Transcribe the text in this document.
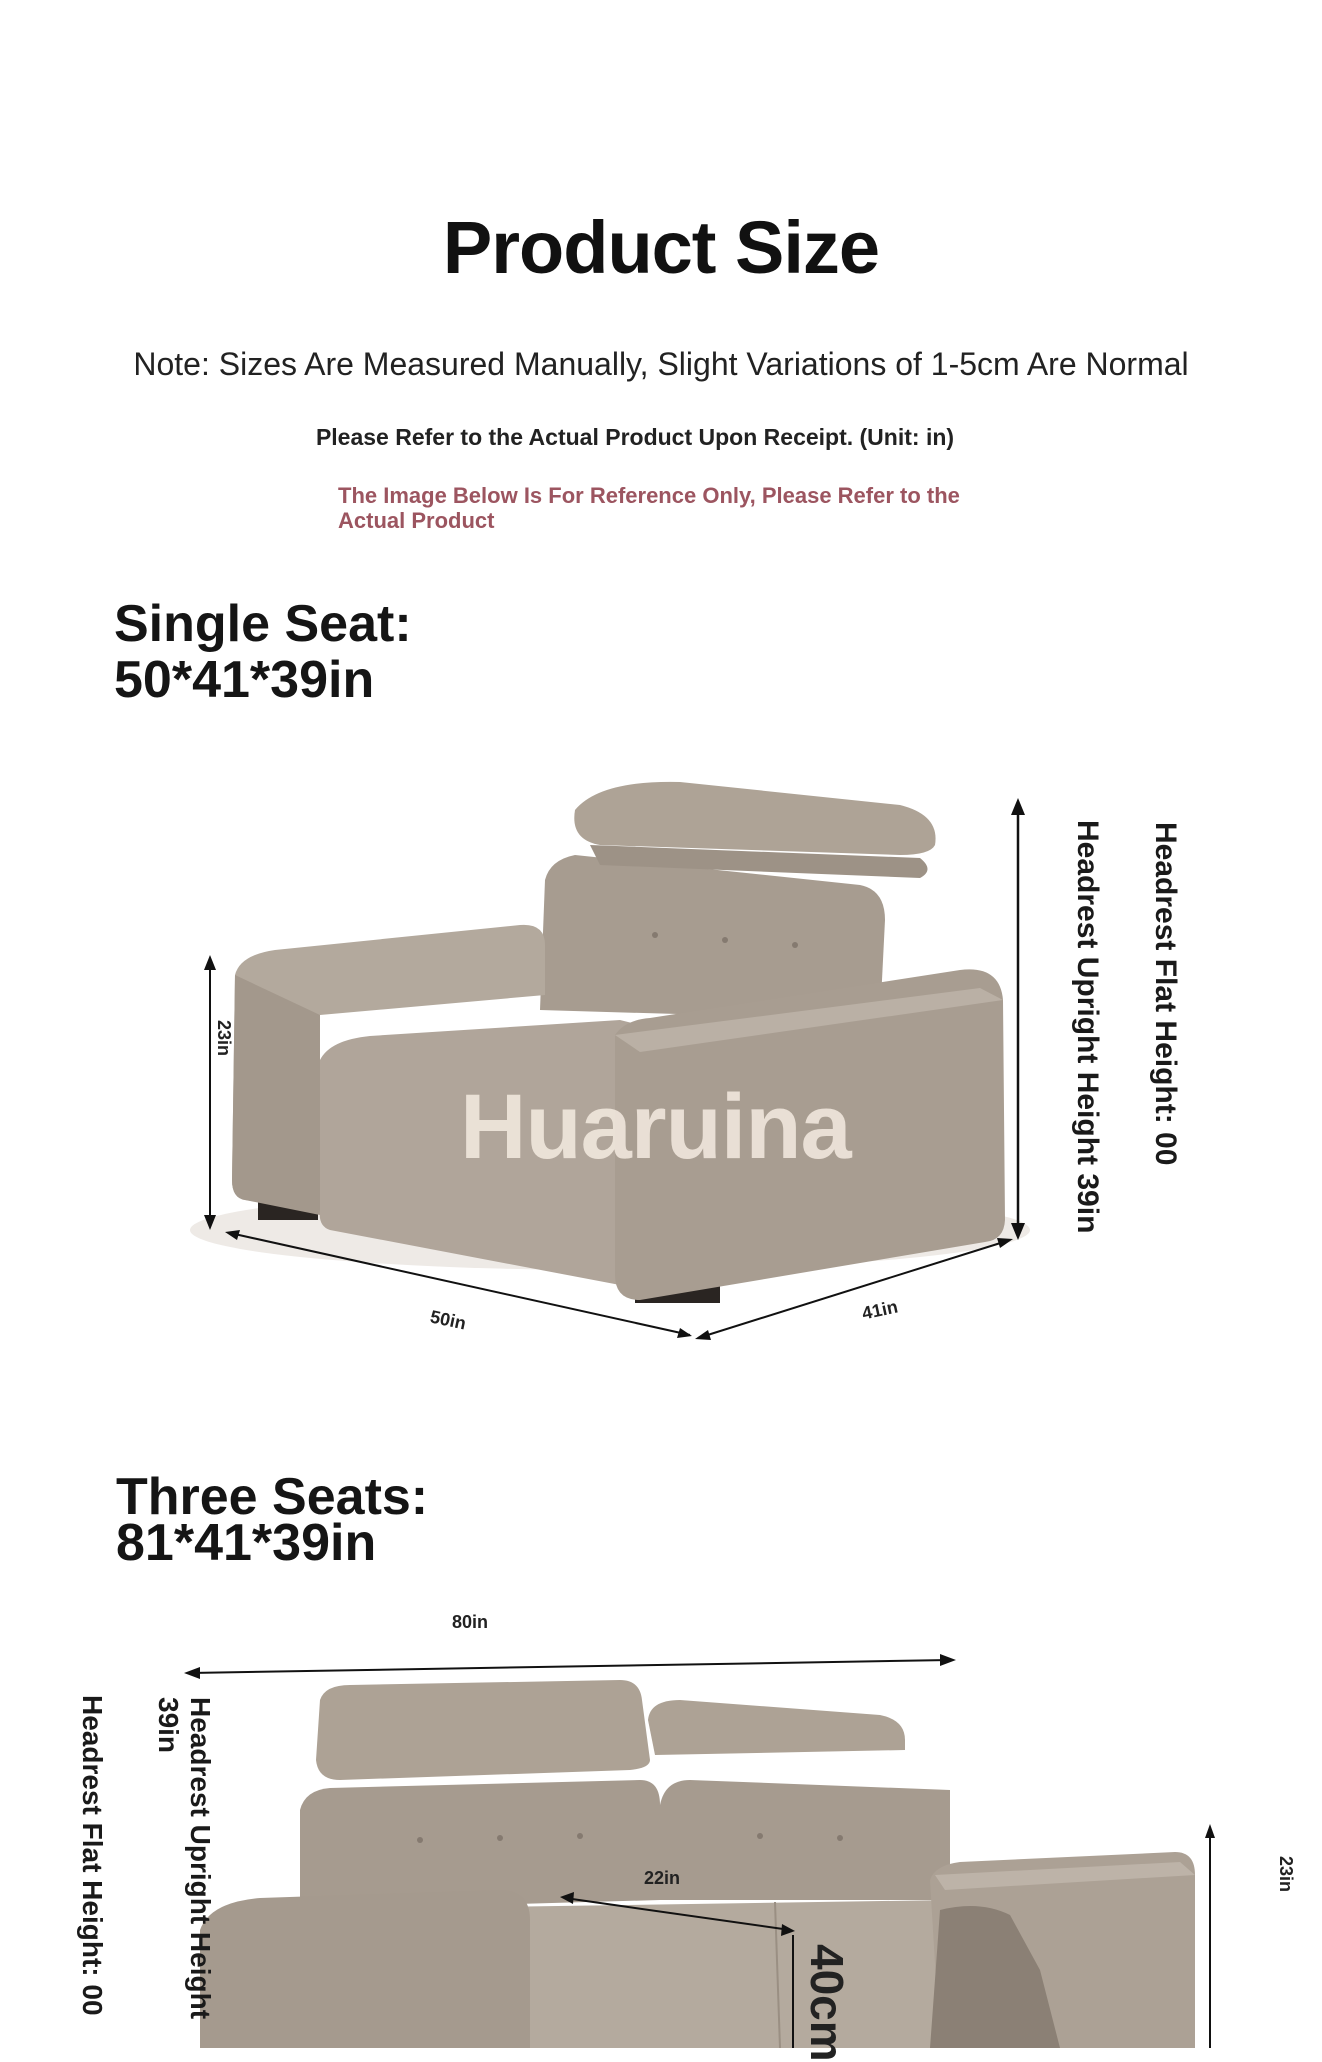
Product Size
Note: Sizes Are Measured Manually, Slight Variations of 1-5cm Are Normal
Please Refer to the Actual Product Upon Receipt. (Unit: in)
The Image Below Is For Reference Only, Please Refer to the Actual Product
Single Seat:
50*41*39in
Huaruina
23in
50in	41in
Headrest Upright Height 39in Headrest Flat Height: 00
Three Seats:
81*41*39in
80in
22in	23in
40cm
Headrest Upright Height 39in
Headrest Flat Height: 00
